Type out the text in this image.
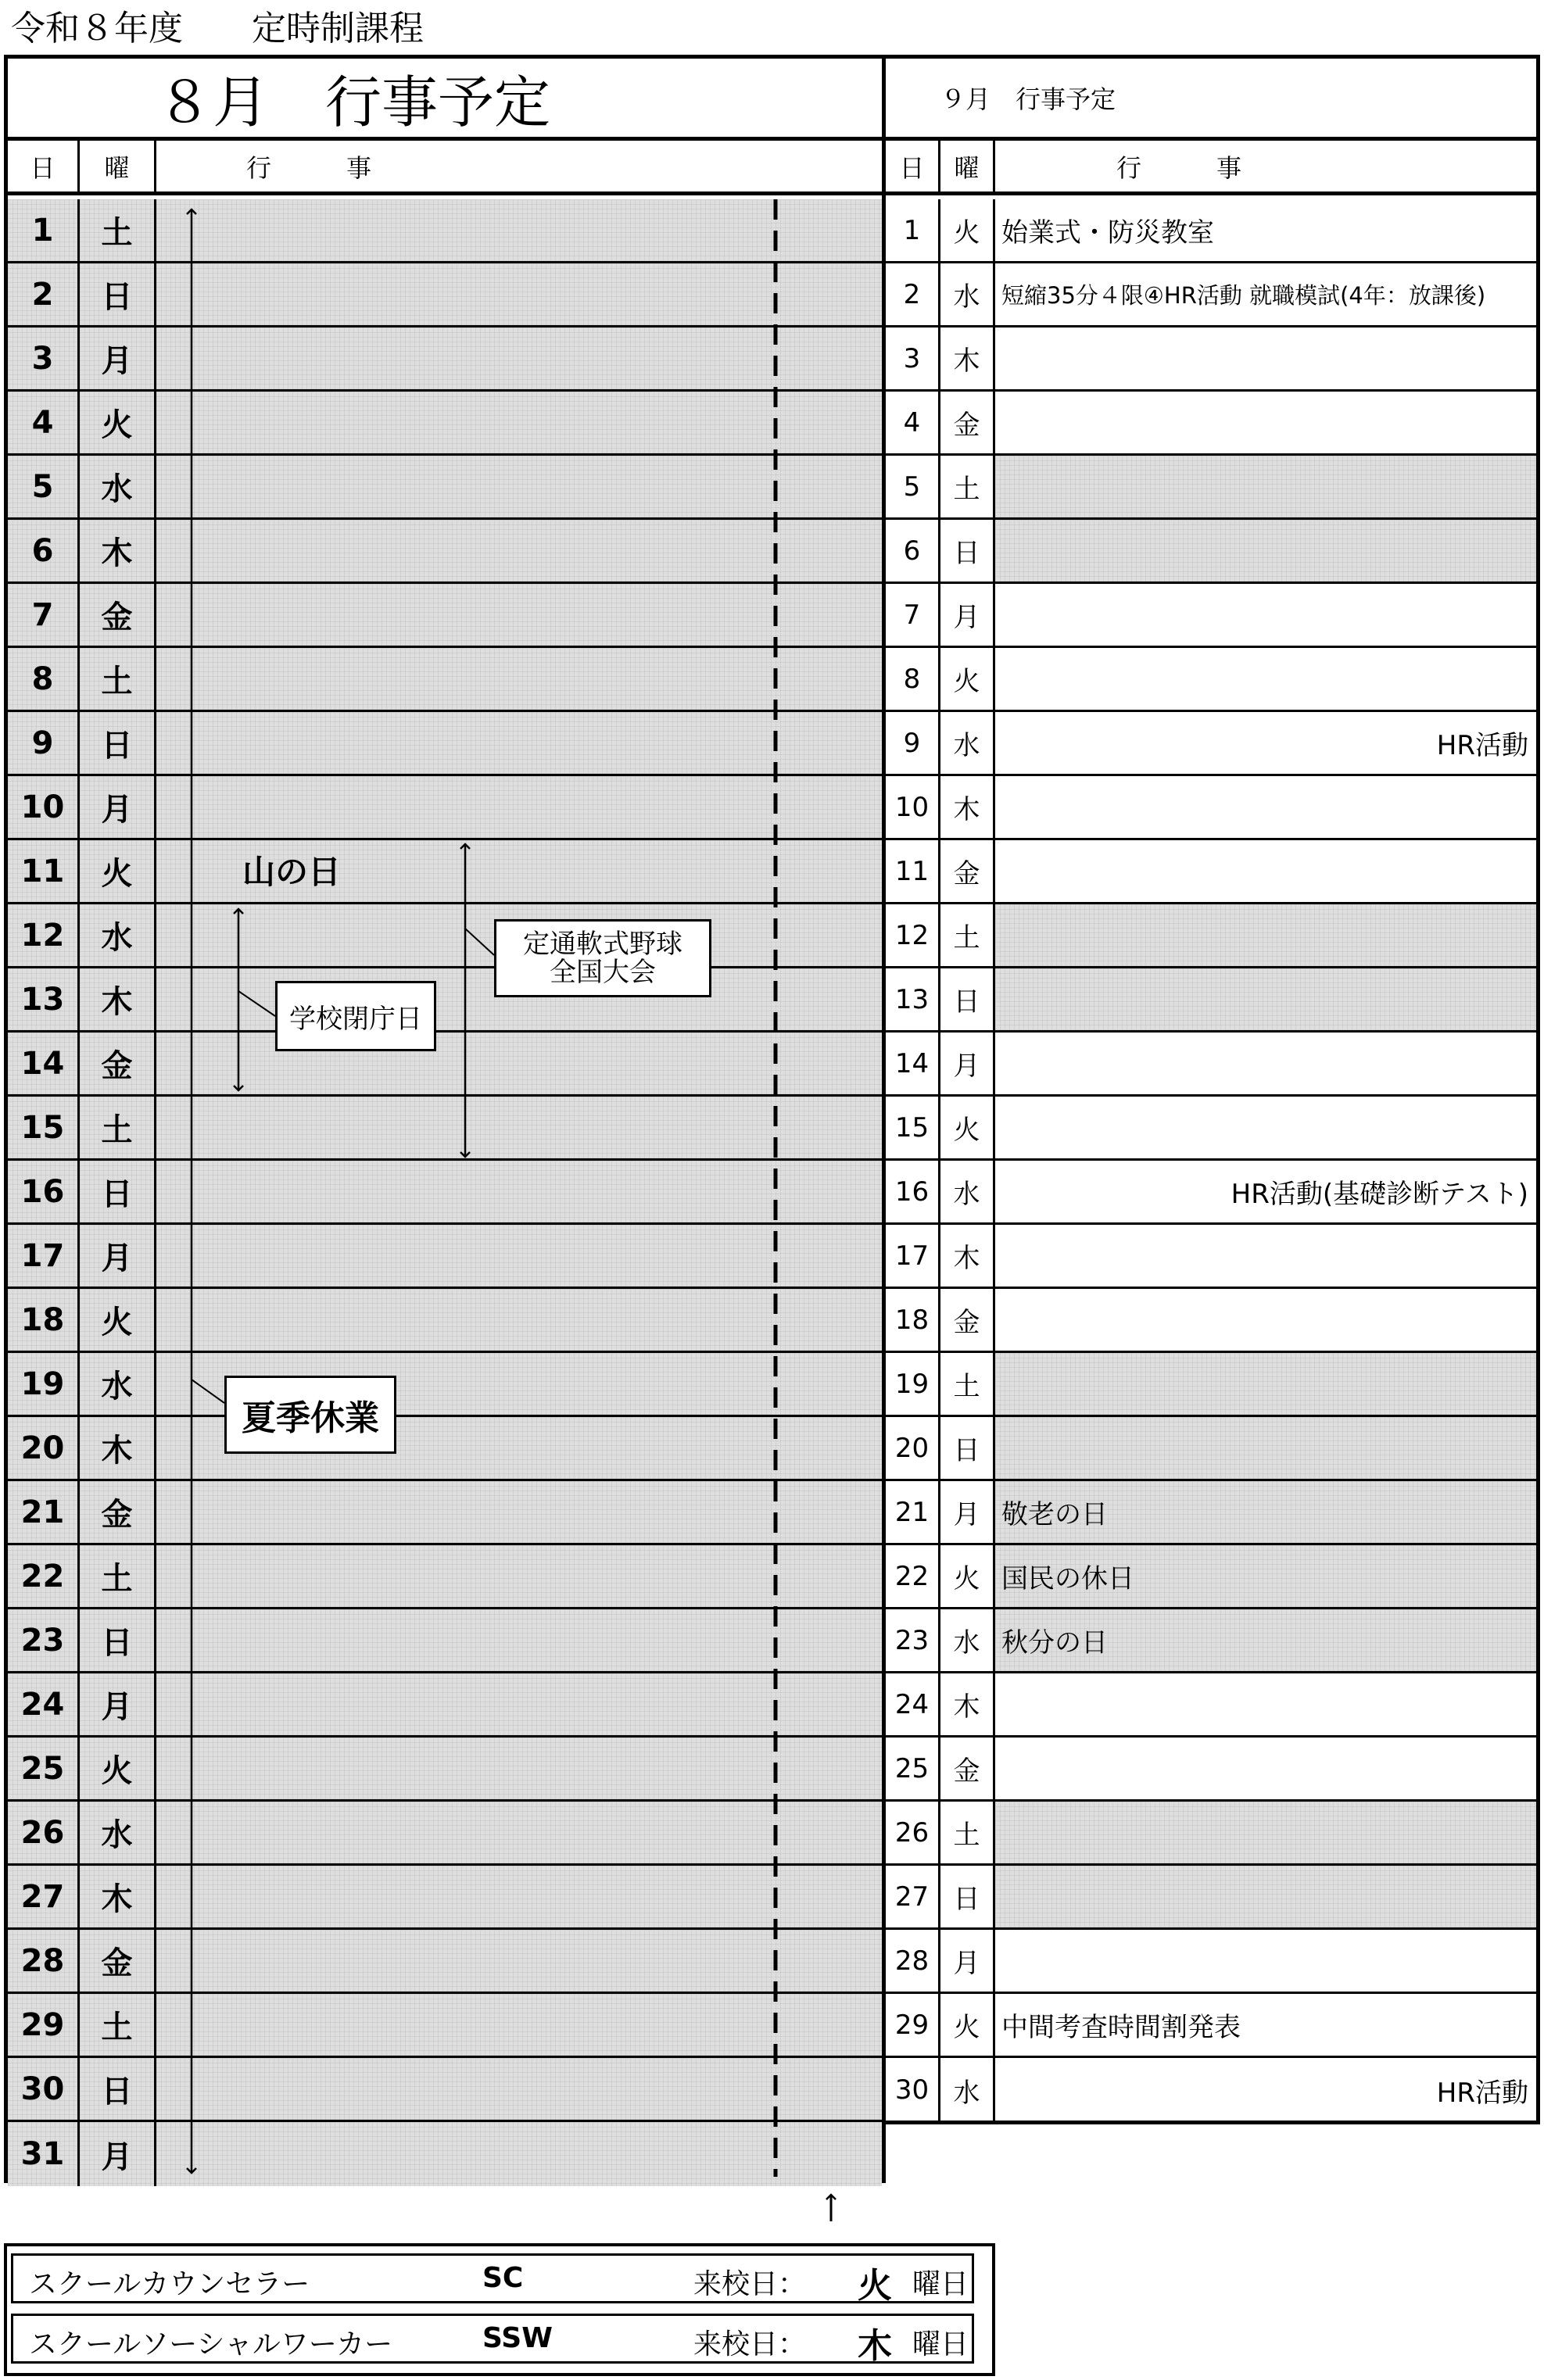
令和８年度　　定時制課程
８月　行事予定	９月　行事予定
日	曜	行　　　事	日	曜	行　　　事
1	土
2	日
3	月
4	火
5	水
6	木
7	金
8	土
9	日
10	月
11	火
12	水
13	木
14	金
15	土
16	日
17	月
18	火
19	水
20	木
21	金
22	土
23	日
24	月
25	火
26	水
27	木
28	金
29	土
30	日
31	月
1	火 始業式・防災教室
2	水 短縮35分４限④HR活動 就職模試(4年：放課後)
3	木
4	金
5	土
6	日
7	月
8	火
9	水	HR活動
10 木
11 金
12 土
13 日
14 月
15 火
16 水	HR活動(基礎診断テスト)
17 木
18 金
19 土
20 日
21 月 敬老の日
22 火 国民の休日
23 水 秋分の日
24 木
25 金
26 土
27 日
28 月
29 火 中間考査時間割発表
30 水	HR活動
山の日
学校閉庁日
定通軟式野球
全国大会
夏季休業
スクールカウンセラー	SC	来校日： 火 曜日
スクールソーシャルワーカー	SSW	来校日： 木 曜日
